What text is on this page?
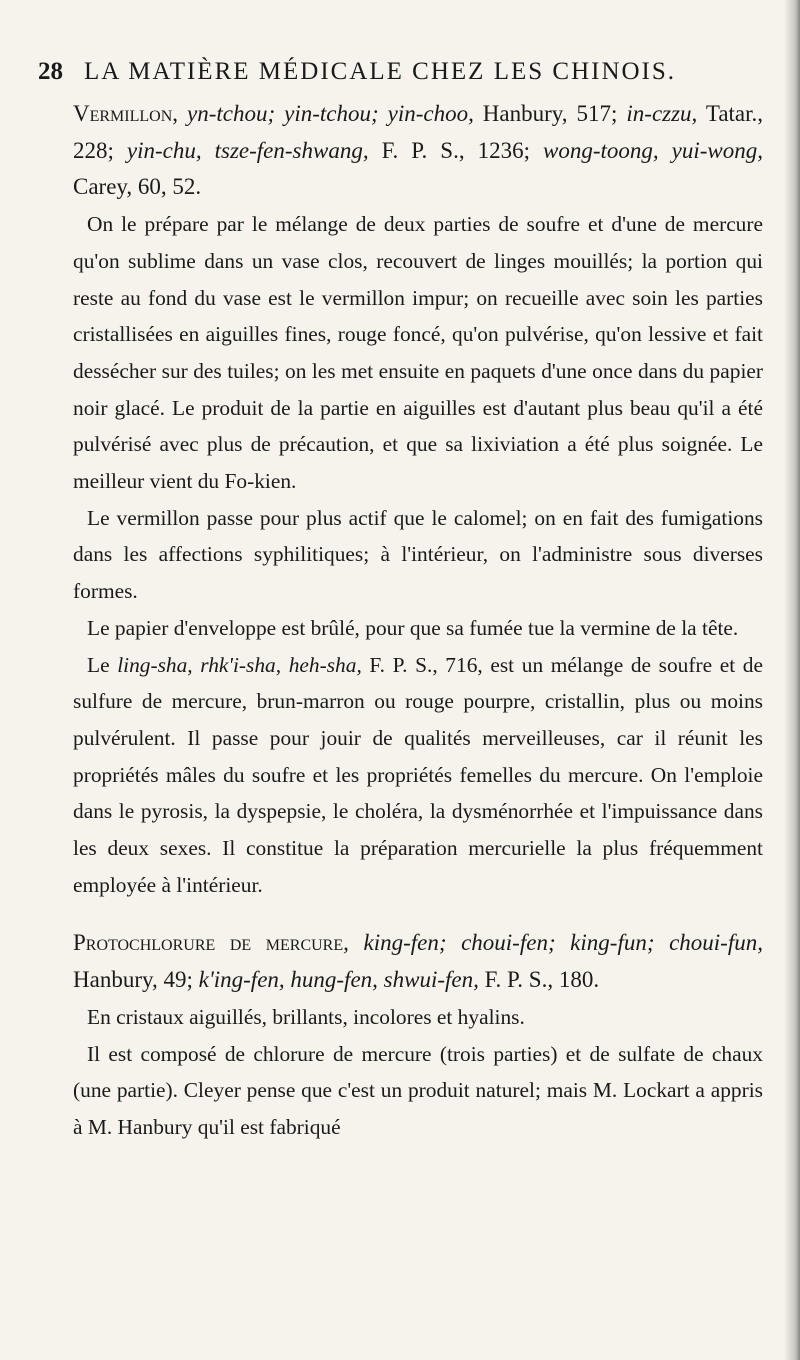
28 LA MATIÈRE MÉDICALE CHEZ LES CHINOIS.

Vermillon, yn-tchou; yin-tchou; yin-choo, Hanbury, 517; in-czzu, Tatar., 228; yin-chu, tsze-fen-shwang, F. P. S., 1236; wong-toong, yui-wong, Carey, 60, 52.

On le prépare par le mélange de deux parties de soufre et d'une de mercure qu'on sublime dans un vase clos, recouvert de linges mouillés; la portion qui reste au fond du vase est le vermillon impur; on recueille avec soin les parties cristallisées en aiguilles fines, rouge foncé, qu'on pulvérise, qu'on lessive et fait dessécher sur des tuiles; on les met ensuite en paquets d'une once dans du papier noir glacé. Le produit de la partie en aiguilles est d'autant plus beau qu'il a été pulvérisé avec plus de précaution, et que sa lixiviation a été plus soignée. Le meilleur vient du Fo-kien.

Le vermillon passe pour plus actif que le calomel; on en fait des fumigations dans les affections syphilitiques; à l'intérieur, on l'administre sous diverses formes.

Le papier d'enveloppe est brûlé, pour que sa fumée tue la vermine de la tête.

Le ling-sha, rhk'i-sha, heh-sha, F. P. S., 716, est un mélange de soufre et de sulfure de mercure, brun-marron ou rouge pourpre, cristallin, plus ou moins pulvérulent. Il passe pour jouir de qualités merveilleuses, car il réunit les propriétés mâles du soufre et les propriétés femelles du mercure. On l'emploie dans le pyrosis, la dyspepsie, le choléra, la dysménorrhée et l'impuissance dans les deux sexes. Il constitue la préparation mercurielle la plus fréquemment employée à l'intérieur.

Protochlorure de mercure, king-fen; choui-fen; king-fun; choui-fun, Hanbury, 49; k'ing-fen, hung-fen, shwui-fen, F. P. S., 180.

En cristaux aiguillés, brillants, incolores et hyalins.

Il est composé de chlorure de mercure (trois parties) et de sulfate de chaux (une partie). Cleyer pense que c'est un produit naturel; mais M. Lockart a appris à M. Hanbury qu'il est fabriqué
